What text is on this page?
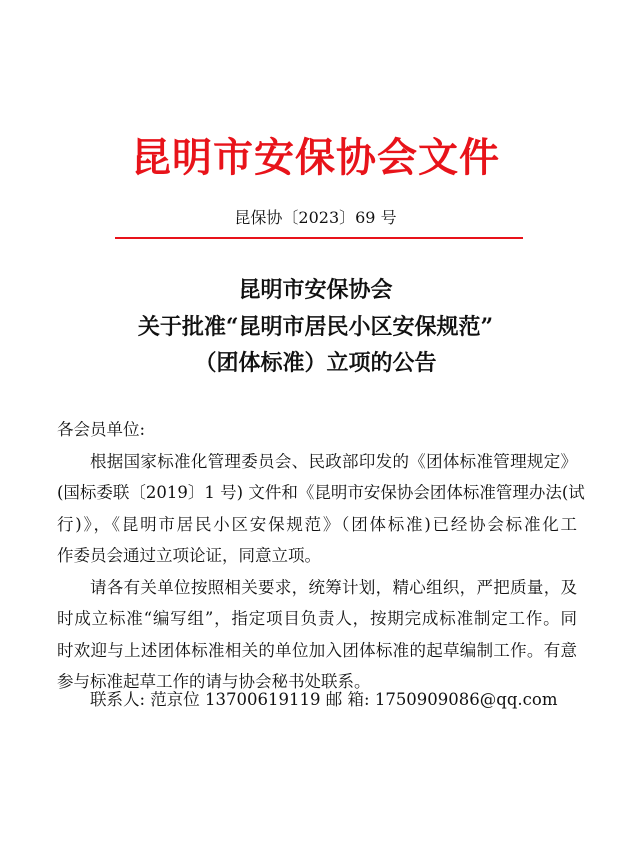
昆明市安保协会文件
昆保协〔2023〕69 号
昆明市安保协会
关于批准“昆明市居民小区安保规范”
（团体标准）立项的公告
各会员单位:
根据国家标准化管理委员会、民政部印发的《团体标准管理规定》
(国标委联〔2019〕1 号) 文件和《昆明市安保协会团体标准管理办法(试
行)》，《昆明市居民小区安保规范》（团体标准)已经协会标准化工
作委员会通过立项论证，同意立项。
请各有关单位按照相关要求，统筹计划，精心组织，严把质量，及
时成立标准“编写组”，指定项目负责人，按期完成标准制定工作。同
时欢迎与上述团体标准相关的单位加入团体标准的起草编制工作。有意
参与标准起草工作的请与协会秘书处联系。
联系人: 范京位 13700619119 邮 箱: 1750909086@qq.com
